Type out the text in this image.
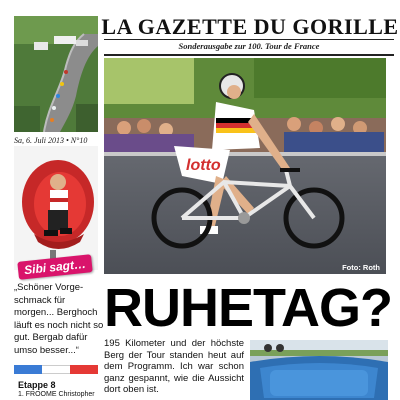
LA GAZETTE DU GORILLE
Sonderausgabe zur 100. Tour de France
Sa, 6. Juli 2013 • N°10
Sibi sagt…
„Schöner Vorge-schmack für morgen... Berghoch läuft es noch nicht so gut. Bergab dafür umso besser...“
Etappe 8
1. FROOME Christopher
lotto
Foto: Roth
RUHETAG?
195 Kilometer und der höchste Berg der Tour standen heut auf dem Programm. Ich war schon ganz gespannt, wie die Aussicht dort oben ist.
